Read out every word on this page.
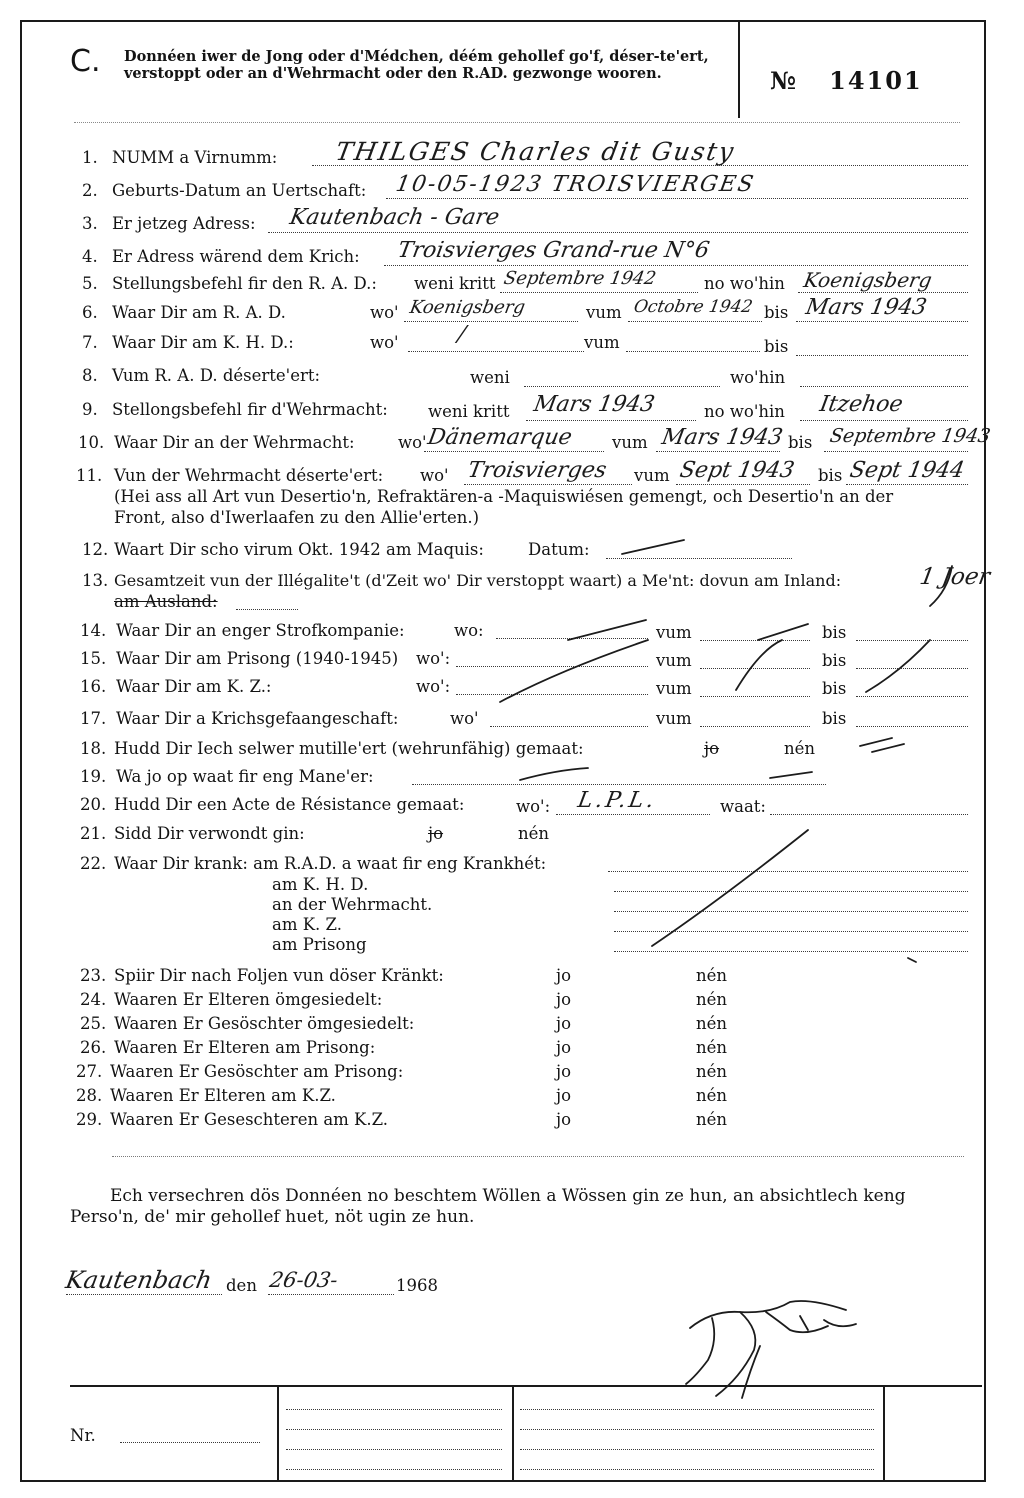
C. Donnéen iwer de Jong oder d'Médchen, déém gehollef go'f, déser-te'ert, verstoppt oder an d'Wehrmacht oder den R.AD. gezwonge wooren.	№ 14101
1. NUMM a Virnumm: THILGES Charles dit Gusty
2. Geburts-Datum an Uertschaft: 10-05-1923 TROISVIERGES
3. Er jetzeg Adress: Kautenbach - Gare
4. Er Adress wärend dem Krich: Troisvierges Grand-rue N°6
5. Stellungsbefehl fir den R. A. D.: weni kritt Septembre 1942	no wo'hin Koenigsberg
6. Waar Dir am R. A. D.	wo' Koenigsberg	vum Octobre 1942 bis Mars 1943
7. Waar Dir am K. H. D.:	wo'	/	vum	bis
8. Vum R. A. D. déserte'ert:	weni	wo'hin
9. Stellongsbefehl fir d'Wehrmacht: weni kritt Mars 1943	no wo'hin Itzehoe
10. Waar Dir an der Wehrmacht:	wo' Dänemarque vum Mars 1943 bis Septembre 1943
11. Vun der Wehrmacht déserte'ert: wo' Troisvierges vum Sept 1943 bis Sept 1944
(Hei ass all Art vun Desertio'n, Refraktären-a -Maquiswiésen gemengt, och Desertio'n an der
Front, also d'Iwerlaafen zu den Allie'erten.)
12. Waart Dir scho virum Okt. 1942 am Maquis:	Datum:
13. Gesamtzeit vun der Illégalite't (d'Zeit wo' Dir verstoppt waart) a Me'nt: dovun am Inland:	1 Joer
am Ausland:
14. Waar Dir an enger Strofkompanie:	wo:	vum	bis
15. Waar Dir am Prisong (1940-1945) wo':	vum	bis
16. Waar Dir am K. Z.:	wo':	vum	bis
17. Waar Dir a Krichsgefaangeschaft:	wo'	vum	bis
18. Hudd Dir Iech selwer mutille'ert (wehrunfähig) gemaat:	jo	nén
19. Wa jo op waat fir eng Mane'er:
20. Hudd Dir een Acte de Résistance gemaat:	wo': L.P.L.	waat:
21. Sidd Dir verwondt gin:	jo	nén
22. Waar Dir krank: am R.A.D. a waat fir eng Krankhét:
am K. H. D.
an der Wehrmacht.
am K. Z.
am Prisong
23. Spiir Dir nach Foljen vun döser Kränkt:	jo	nén
24. Waaren Er Elteren ömgesiedelt:	jo	nén
25. Waaren Er Gesöschter ömgesiedelt:	jo	nén
26. Waaren Er Elteren am Prisong:	jo	nén
27. Waaren Er Gesöschter am Prisong:	jo	nén
28. Waaren Er Elteren am K.Z.	jo	nén
29. Waaren Er Geseschteren am K.Z.	jo	nén
Ech versechren dös Donnéen no beschtem Wöllen a Wössen gin ze hun, an absichtlech keng
Perso'n, de' mir gehollef huet, nöt ugin ze hun.
Kautenbach den 26-03-	1968
Nr.
